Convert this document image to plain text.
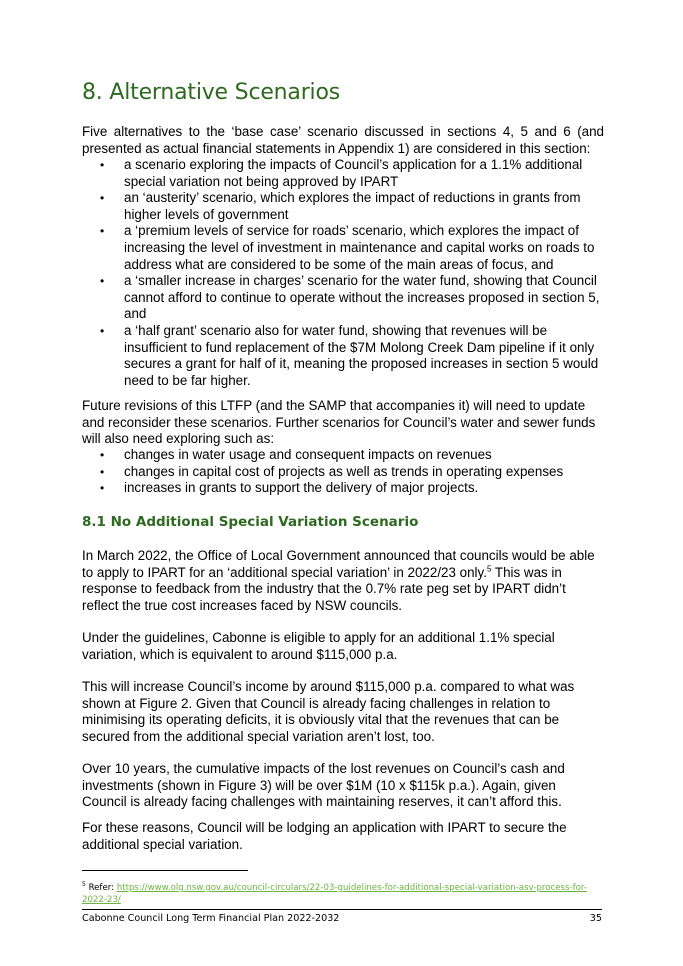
8. Alternative Scenarios

Five alternatives to the ‘base case’ scenario discussed in sections 4, 5 and 6 (and presented as actual financial statements in Appendix 1) are considered in this section:

• a scenario exploring the impacts of Council’s application for a 1.1% additional special variation not being approved by IPART
• an ‘austerity’ scenario, which explores the impact of reductions in grants from higher levels of government
• a ‘premium levels of service for roads’ scenario, which explores the impact of increasing the level of investment in maintenance and capital works on roads to address what are considered to be some of the main areas of focus, and
• a ‘smaller increase in charges’ scenario for the water fund, showing that Council cannot afford to continue to operate without the increases proposed in section 5, and
• a ‘half grant’ scenario also for water fund, showing that revenues will be insufficient to fund replacement of the $7M Molong Creek Dam pipeline if it only secures a grant for half of it, meaning the proposed increases in section 5 would need to be far higher.

Future revisions of this LTFP (and the SAMP that accompanies it) will need to update and reconsider these scenarios. Further scenarios for Council’s water and sewer funds will also need exploring such as:

• changes in water usage and consequent impacts on revenues
• changes in capital cost of projects as well as trends in operating expenses
• increases in grants to support the delivery of major projects.
8.1 No Additional Special Variation Scenario

In March 2022, the Office of Local Government announced that councils would be able to apply to IPART for an ‘additional special variation’ in 2022/23 only.$^5$ This was in response to feedback from the industry that the 0.7% rate peg set by IPART didn’t reflect the true cost increases faced by NSW councils.

Under the guidelines, Cabonne is eligible to apply for an additional 1.1% special variation, which is equivalent to around $115,000 p.a.

This will increase Council’s income by around $115,000 p.a. compared to what was shown at Figure 2. Given that Council is already facing challenges in relation to minimising its operating deficits, it is obviously vital that the revenues that can be secured from the additional special variation aren’t lost, too.

Over 10 years, the cumulative impacts of the lost revenues on Council’s cash and investments (shown in Figure 3) will be over $1M (10 x $115k p.a.). Again, given Council is already facing challenges with maintaining reserves, it can’t afford this.

For these reasons, Council will be lodging an application with IPART to secure the additional special variation.

$^5$ Refer: https://www.olg.nsw.gov.au/council-circulars/22-03-guidelines-for-additional-special-variation-asv-process-for-2022-23/

Cabonne Council Long Term Financial Plan 2022-2032	35
